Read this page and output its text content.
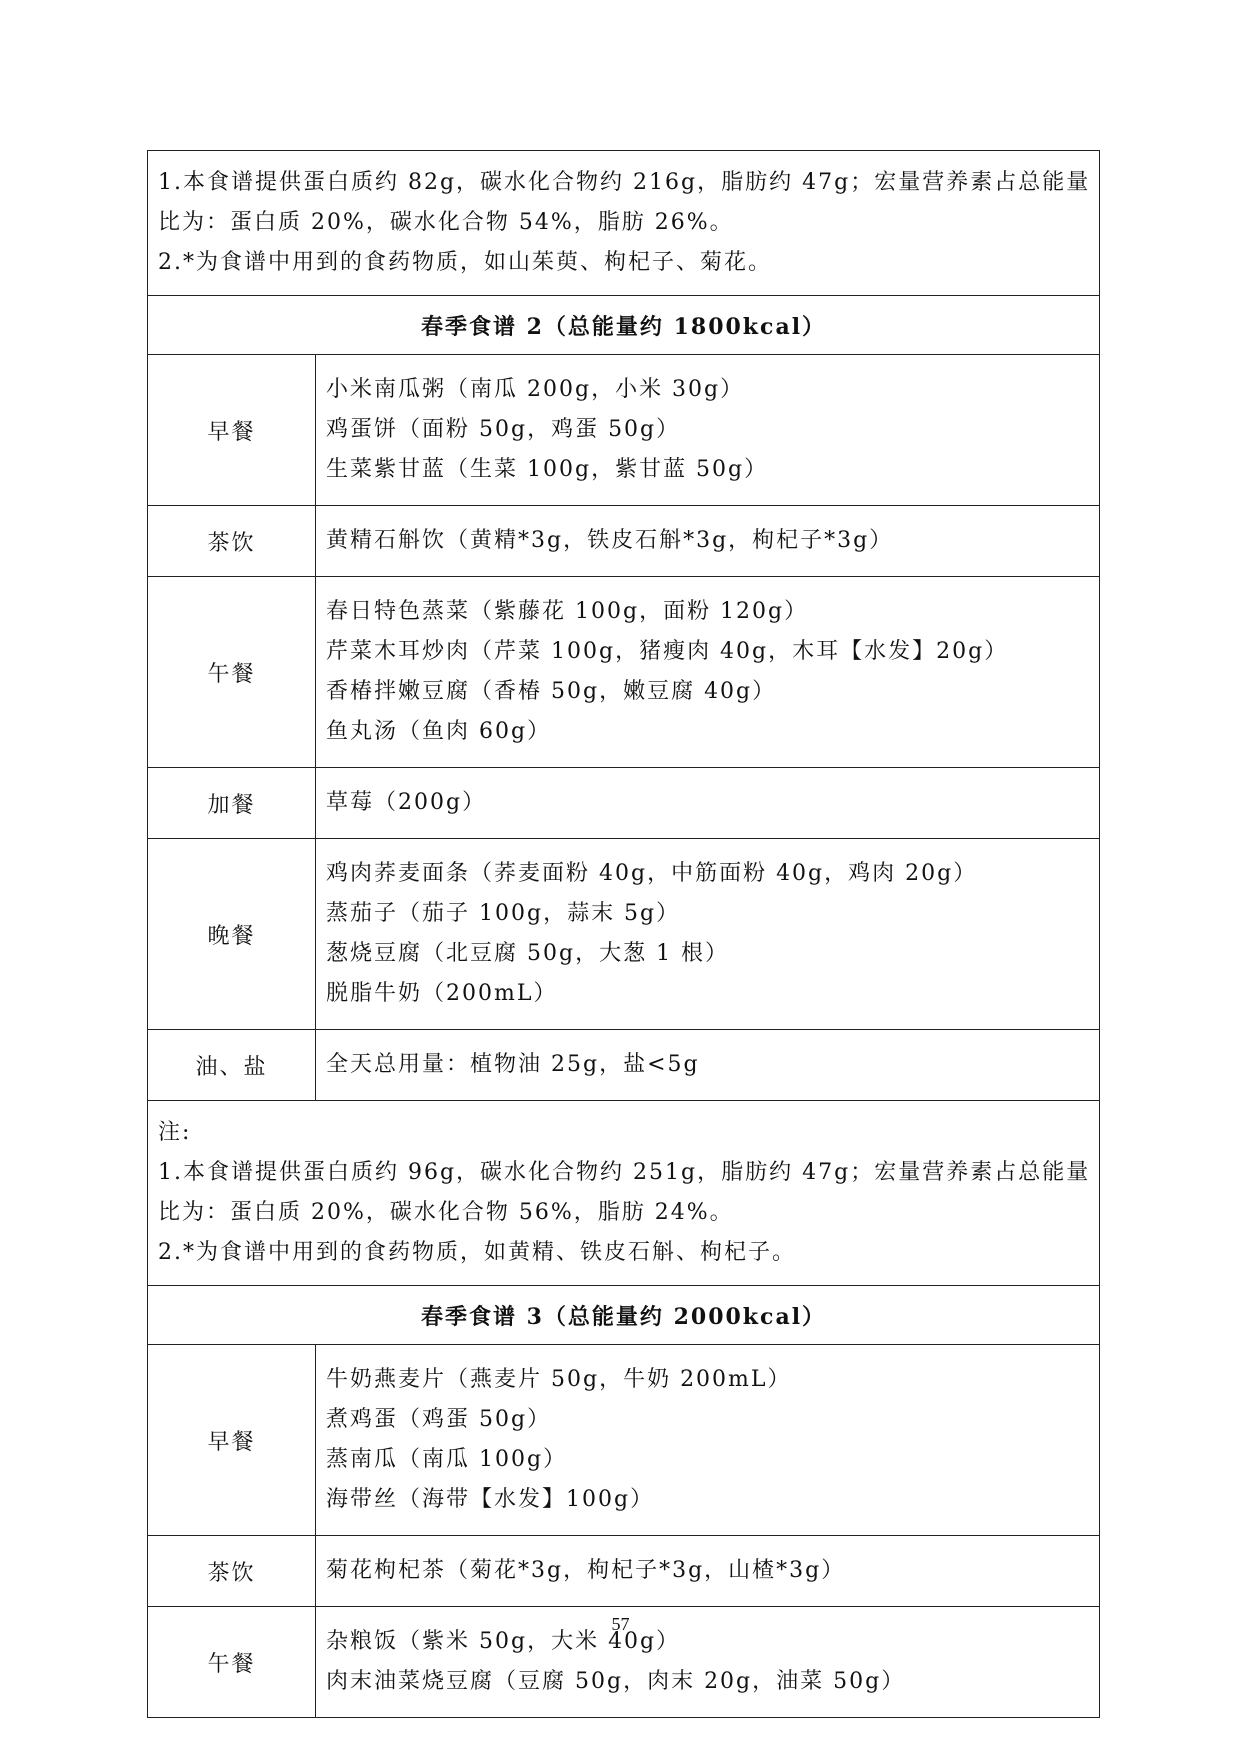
1.本食谱提供蛋白质约 82g，碳水化合物约 216g，脂肪约 47g；宏量营养素占总能量
比为：蛋白质 20%，碳水化合物 54%，脂肪 26%。
2.*为食谱中用到的食药物质，如山茱萸、枸杞子、菊花。	

春季食谱 2（总能量约 1800kcal）	
早餐	小米南瓜粥（南瓜 200g，小米 30g）
鸡蛋饼（面粉 50g，鸡蛋 50g）
生菜紫甘蓝（生菜 100g，紫甘蓝 50g）

茶饮	黄精石斛饮（黄精*3g，铁皮石斛*3g，枸杞子*3g）

午餐	春日特色蒸菜（紫藤花 100g，面粉 120g）
芹菜木耳炒肉（芹菜 100g，猪瘦肉 40g，木耳【水发】20g）
香椿拌嫩豆腐（香椿 50g，嫩豆腐 40g）
鱼丸汤（鱼肉 60g）

加餐	草莓（200g）

晚餐	鸡肉荞麦面条（荞麦面粉 40g，中筋面粉 40g，鸡肉 20g）
蒸茄子（茄子 100g，蒜末 5g）
葱烧豆腐（北豆腐 50g，大葱 1 根）
脱脂牛奶（200mL）

油、盐	全天总用量：植物油 25g，盐<5g

注:
1.本食谱提供蛋白质约 96g，碳水化合物约 251g，脂肪约 47g；宏量营养素占总能量
比为：蛋白质 20%，碳水化合物 56%，脂肪 24%。
2.*为食谱中用到的食药物质，如黄精、铁皮石斛、枸杞子。	

春季食谱 3（总能量约 2000kcal）	
早餐	牛奶燕麦片（燕麦片 50g，牛奶 200mL）
煮鸡蛋（鸡蛋 50g）
蒸南瓜（南瓜 100g）
海带丝（海带【水发】100g）

茶饮	菊花枸杞茶（菊花*3g，枸杞子*3g，山楂*3g）

午餐	杂粮饭（紫米 50g，大米 40g）
肉末油菜烧豆腐（豆腐 50g，肉末 20g，油菜 50g）
57
